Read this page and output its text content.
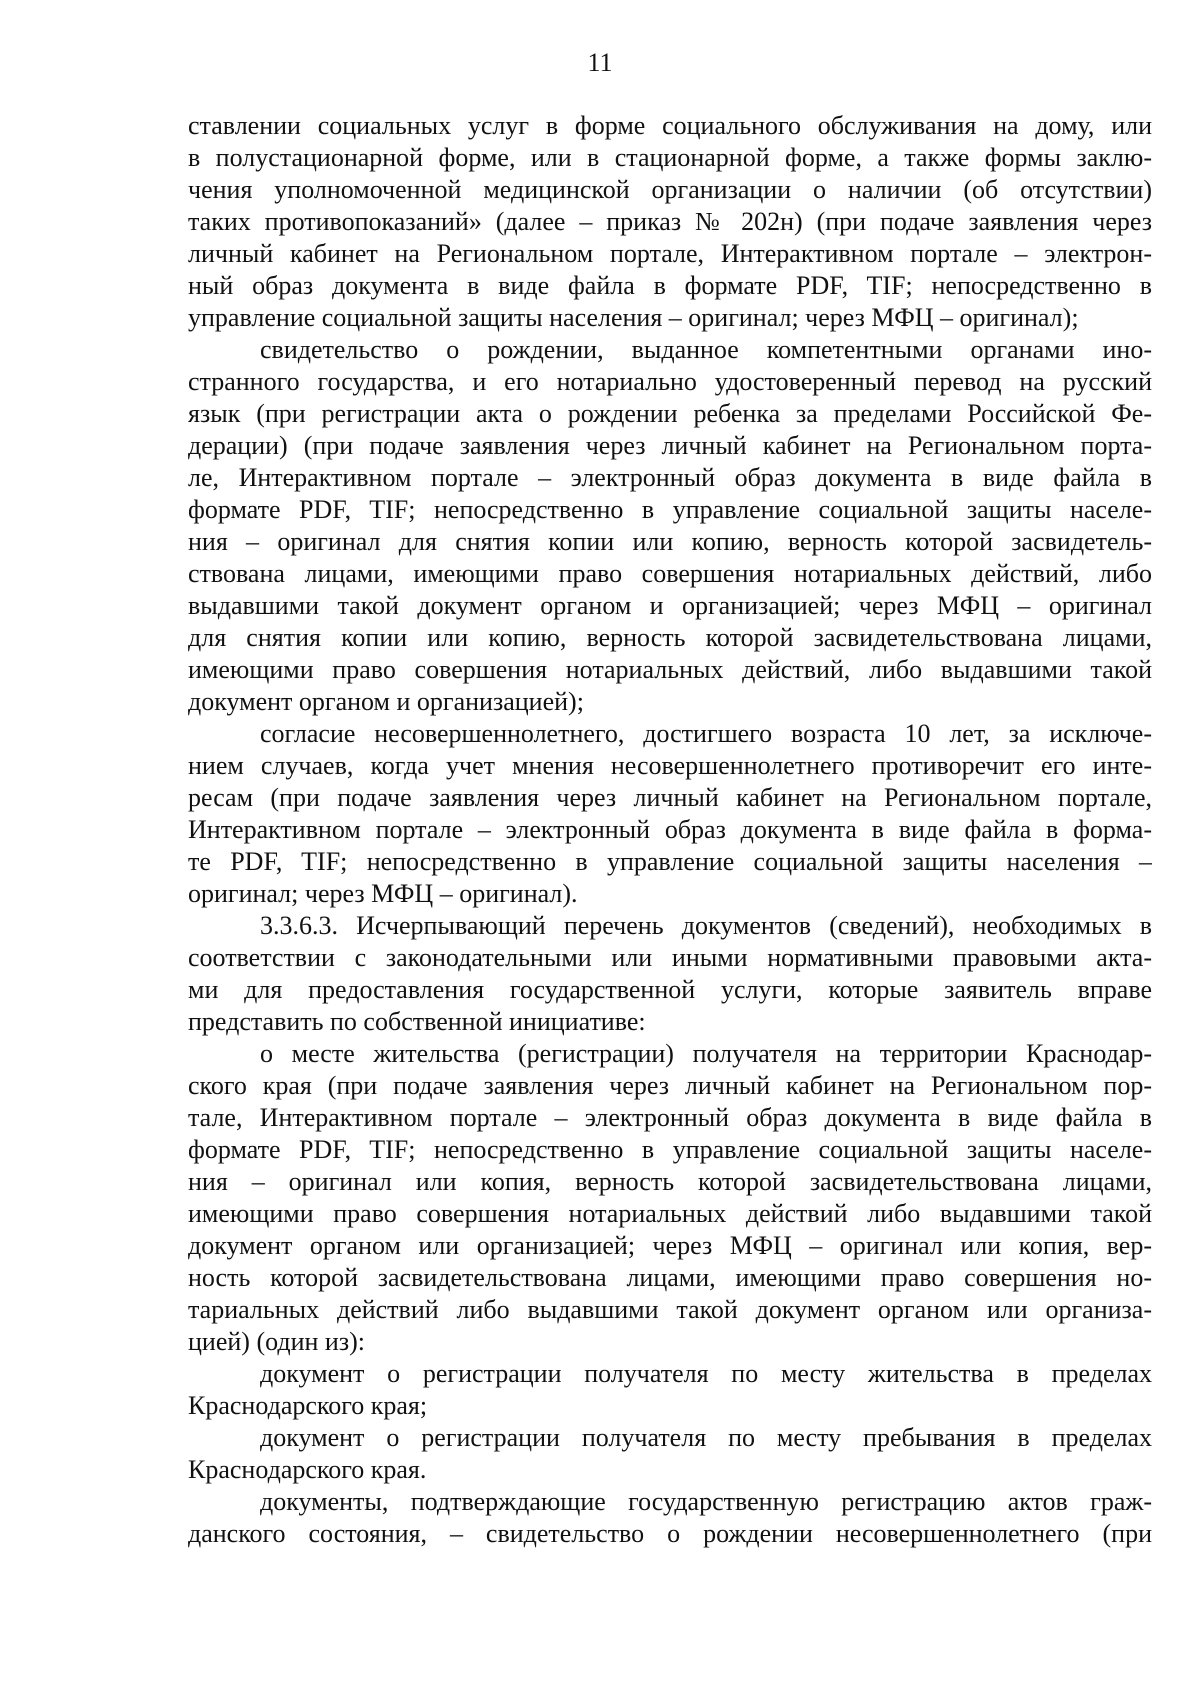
11
ставлении социальных услуг в форме социального обслуживания на дому, или
в полустационарной форме, или в стационарной форме, а также формы заклю-
чения уполномоченной медицинской организации о наличии (об отсутствии)
таких противопоказаний» (далее – приказ № 202н) (при подаче заявления через
личный кабинет на Региональном портале, Интерактивном портале – электрон-
ный образ документа в виде файла в формате PDF, TIF; непосредственно в
управление социальной защиты населения – оригинал; через МФЦ – оригинал);
свидетельство о рождении, выданное компетентными органами ино-
странного государства, и его нотариально удостоверенный перевод на русский
язык (при регистрации акта о рождении ребенка за пределами Российской Фе-
дерации) (при подаче заявления через личный кабинет на Региональном порта-
ле, Интерактивном портале – электронный образ документа в виде файла в
формате PDF, TIF; непосредственно в управление социальной защиты населе-
ния – оригинал для снятия копии или копию, верность которой засвидетель-
ствована лицами, имеющими право совершения нотариальных действий, либо
выдавшими такой документ органом и организацией; через МФЦ – оригинал
для снятия копии или копию, верность которой засвидетельствована лицами,
имеющими право совершения нотариальных действий, либо выдавшими такой
документ органом и организацией);
согласие несовершеннолетнего, достигшего возраста 10 лет, за исключе-
нием случаев, когда учет мнения несовершеннолетнего противоречит его инте-
ресам (при подаче заявления через личный кабинет на Региональном портале,
Интерактивном портале – электронный образ документа в виде файла в форма-
те PDF, TIF; непосредственно в управление социальной защиты населения –
оригинал; через МФЦ – оригинал).
3.3.6.3. Исчерпывающий перечень документов (сведений), необходимых в
соответствии с законодательными или иными нормативными правовыми акта-
ми для предоставления государственной услуги, которые заявитель вправе
представить по собственной инициативе:
о месте жительства (регистрации) получателя на территории Краснодар-
ского края (при подаче заявления через личный кабинет на Региональном пор-
тале, Интерактивном портале – электронный образ документа в виде файла в
формате PDF, TIF; непосредственно в управление социальной защиты населе-
ния – оригинал или копия, верность которой засвидетельствована лицами,
имеющими право совершения нотариальных действий либо выдавшими такой
документ органом или организацией; через МФЦ – оригинал или копия, вер-
ность которой засвидетельствована лицами, имеющими право совершения но-
тариальных действий либо выдавшими такой документ органом или организа-
цией) (один из):
документ о регистрации получателя по месту жительства в пределах
Краснодарского края;
документ о регистрации получателя по месту пребывания в пределах
Краснодарского края.
документы, подтверждающие государственную регистрацию актов граж-
данского состояния, – свидетельство о рождении несовершеннолетнего (при
